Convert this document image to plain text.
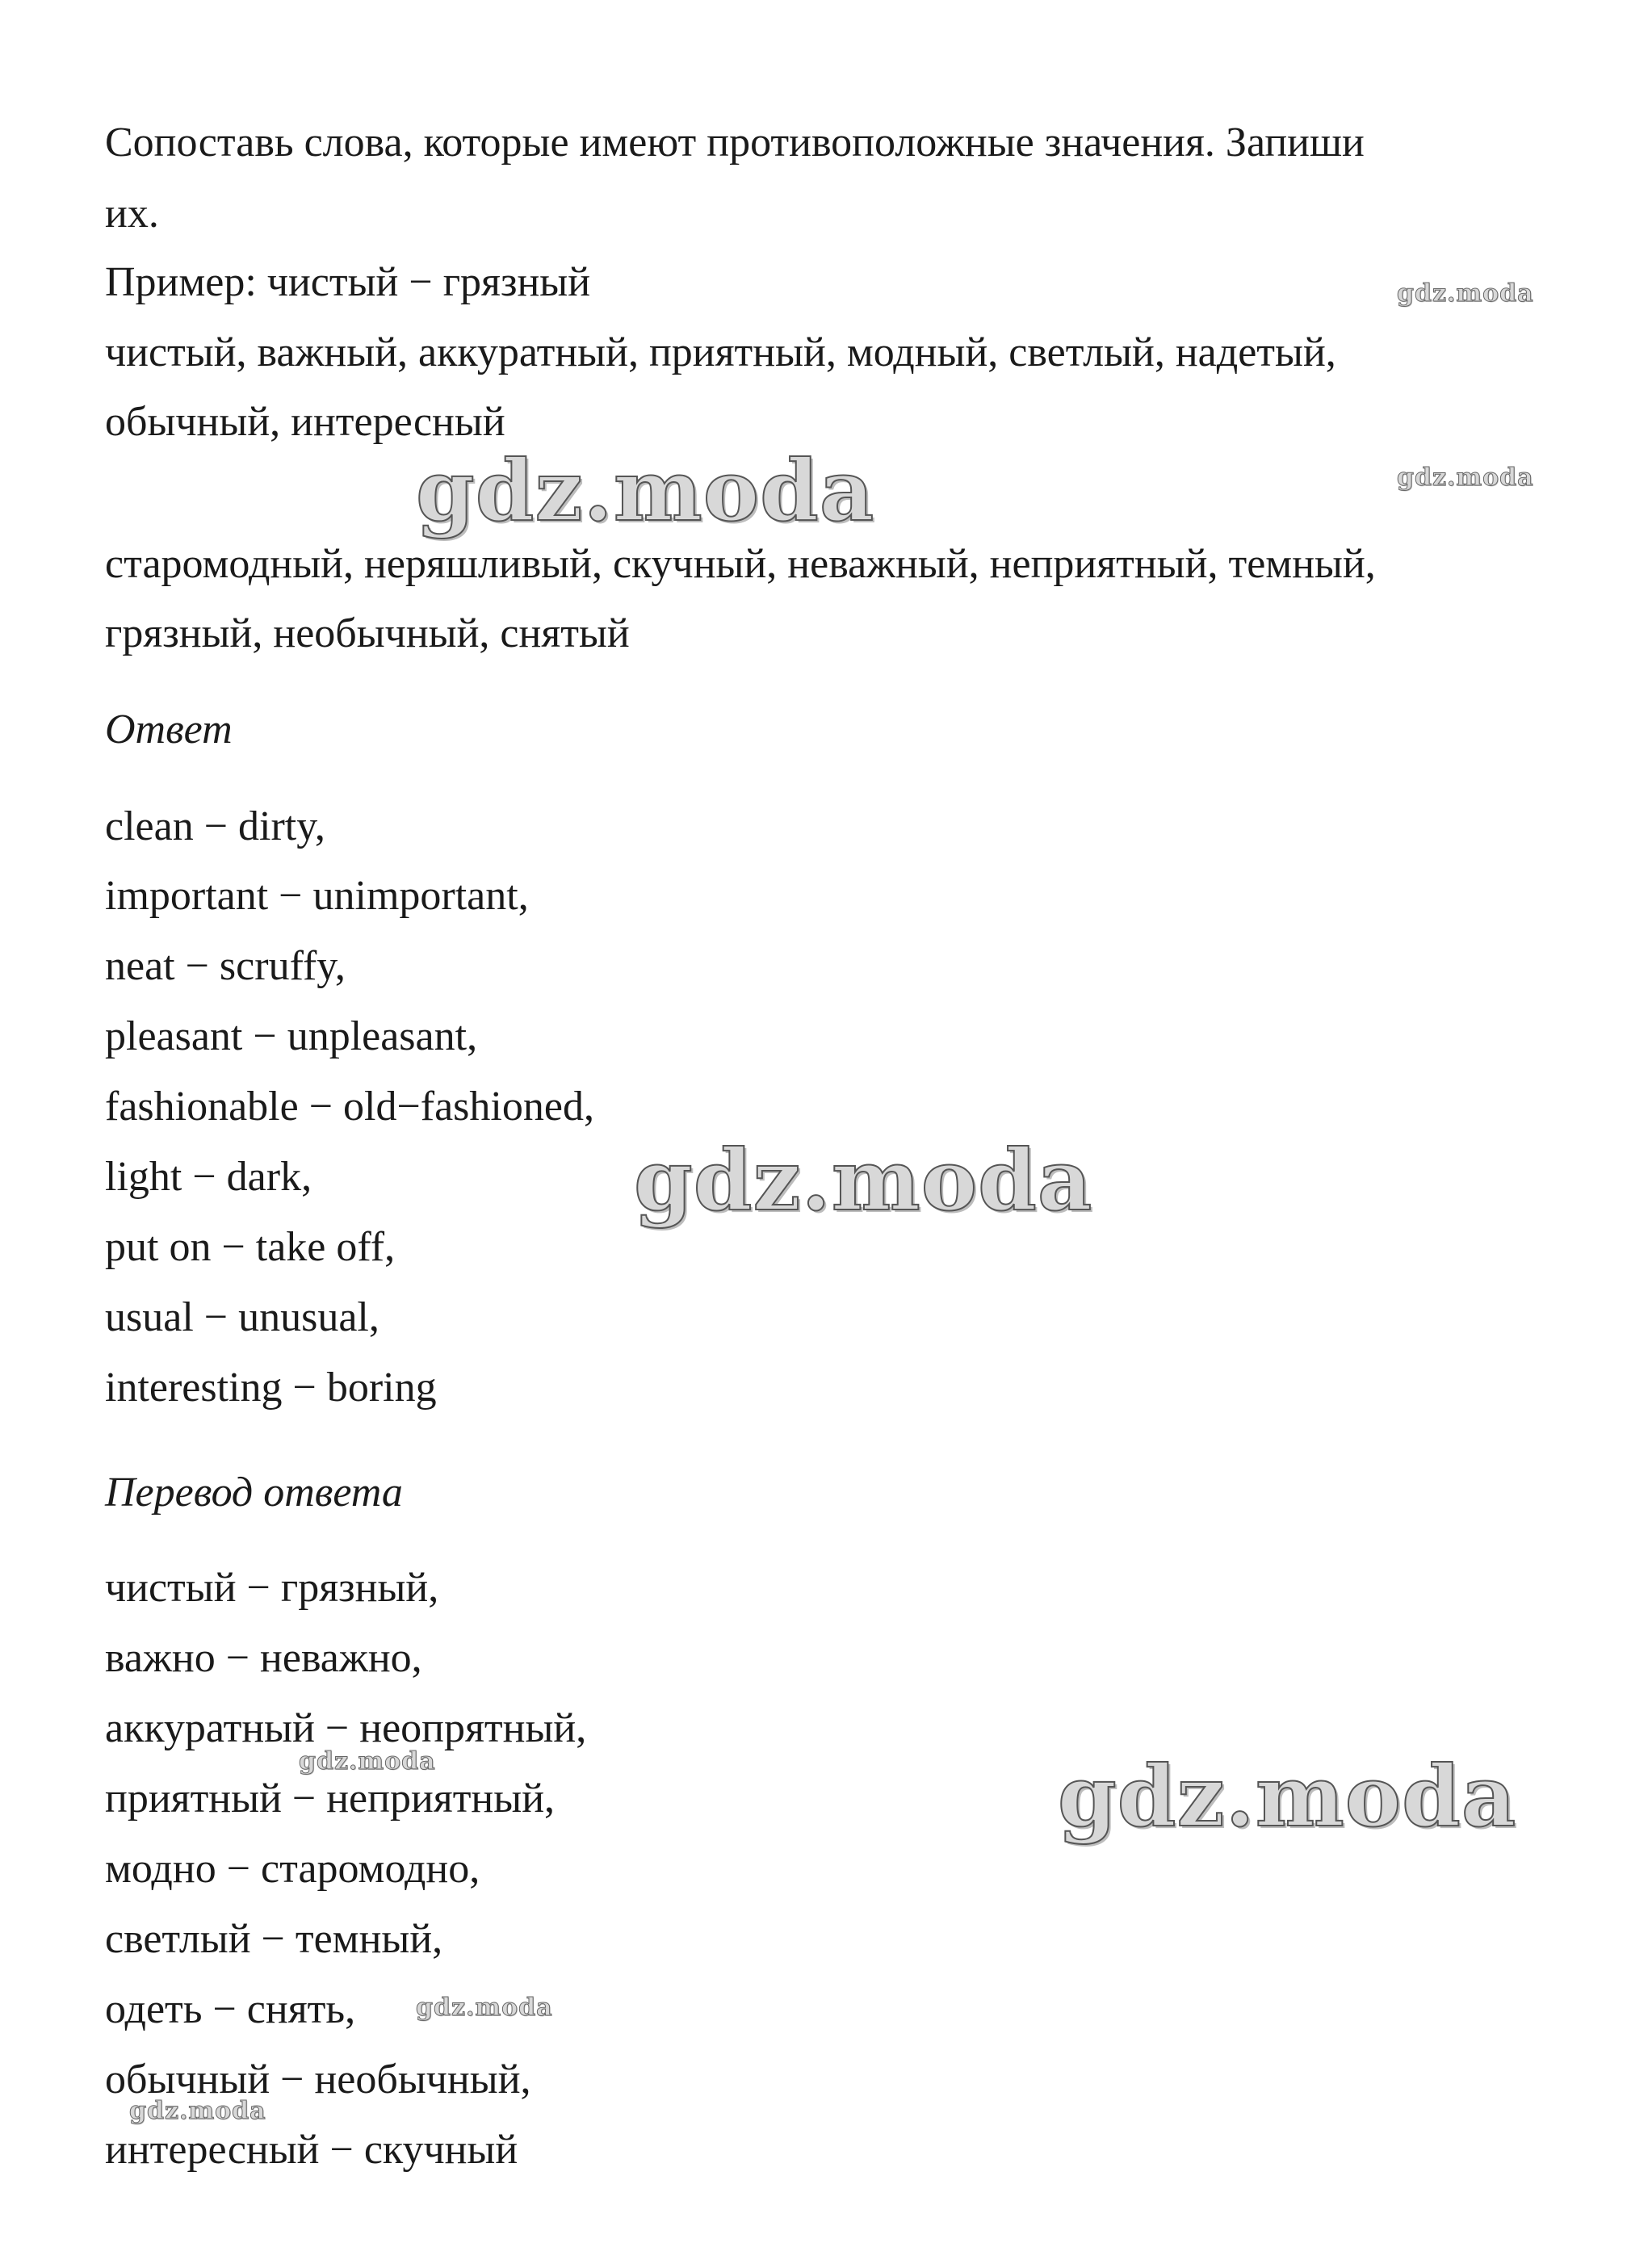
Сопоставь слова, которые имеют противоположные значения. Запиши
их.
Пример: чистый − грязный
чистый, важный, аккуратный, приятный, модный, светлый, надетый,
обычный, интересный
старомодный, неряшливый, скучный, неважный, неприятный, темный,
грязный, необычный, снятый
Ответ
clean − dirty,
important − unimportant,
neat − scruffy,
pleasant − unpleasant,
fashionable − old−fashioned,
light − dark,
put on − take off,
usual − unusual,
interesting − boring
Перевод ответа
чистый − грязный,
важно − неважно,
аккуратный − неопрятный,
приятный − неприятный,
модно − старомодно,
светлый − темный,
одеть − снять,
обычный − необычный,
интересный − скучный
gdz.moda
gdz.moda
gdz.moda
gdz.moda
gdz.moda
gdz.moda
gdz.moda
gdz.moda
